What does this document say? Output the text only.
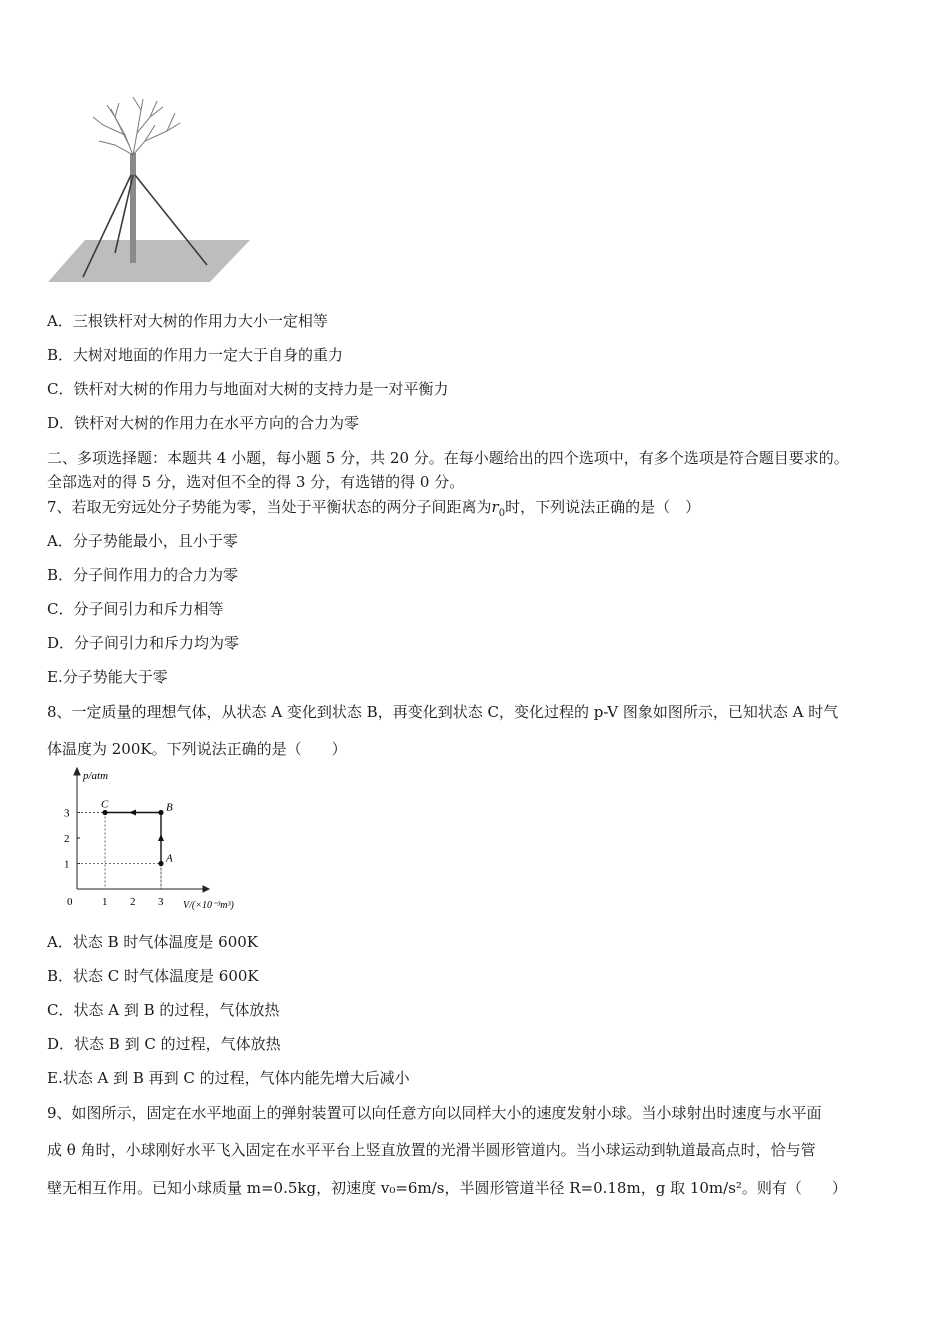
A．三根铁杆对大树的作用力大小一定相等
B．大树对地面的作用力一定大于自身的重力
C．铁杆对大树的作用力与地面对大树的支持力是一对平衡力
D．铁杆对大树的作用力在水平方向的合力为零
二、多项选择题：本题共 4 小题，每小题 5 分，共 20 分。在每小题给出的四个选项中，有多个选项是符合题目要求的。
全部选对的得 5 分，选对但不全的得 3 分，有选错的得 0 分。
7、若取无穷远处分子势能为零，当处于平衡状态的两分子间距离为$r_0$时，下列说法正确的是（　）
A．分子势能最小，且小于零
B．分子间作用力的合力为零
C．分子间引力和斥力相等
D．分子间引力和斥力均为零
E.分子势能大于零
8、一定质量的理想气体，从状态 A 变化到状态 B，再变化到状态 C，变化过程的 p-V 图象如图所示，已知状态 A 时气
体温度为 200K。下列说法正确的是（　　）
p/atm
V/(×10⁻³m³)
0	1 2 3
1
2
3
A
B
C
A．状态 B 时气体温度是 600K
B．状态 C 时气体温度是 600K
C．状态 A 到 B 的过程，气体放热
D．状态 B 到 C 的过程，气体放热
E.状态 A 到 B 再到 C 的过程，气体内能先增大后减小
9、如图所示，固定在水平地面上的弹射装置可以向任意方向以同样大小的速度发射小球。当小球射出时速度与水平面
成 θ 角时，小球刚好水平飞入固定在水平平台上竖直放置的光滑半圆形管道内。当小球运动到轨道最高点时，恰与管
壁无相互作用。已知小球质量 m=0.5kg，初速度 v₀=6m/s，半圆形管道半径 R=0.18m，g 取 10m/s²。则有（　　）
